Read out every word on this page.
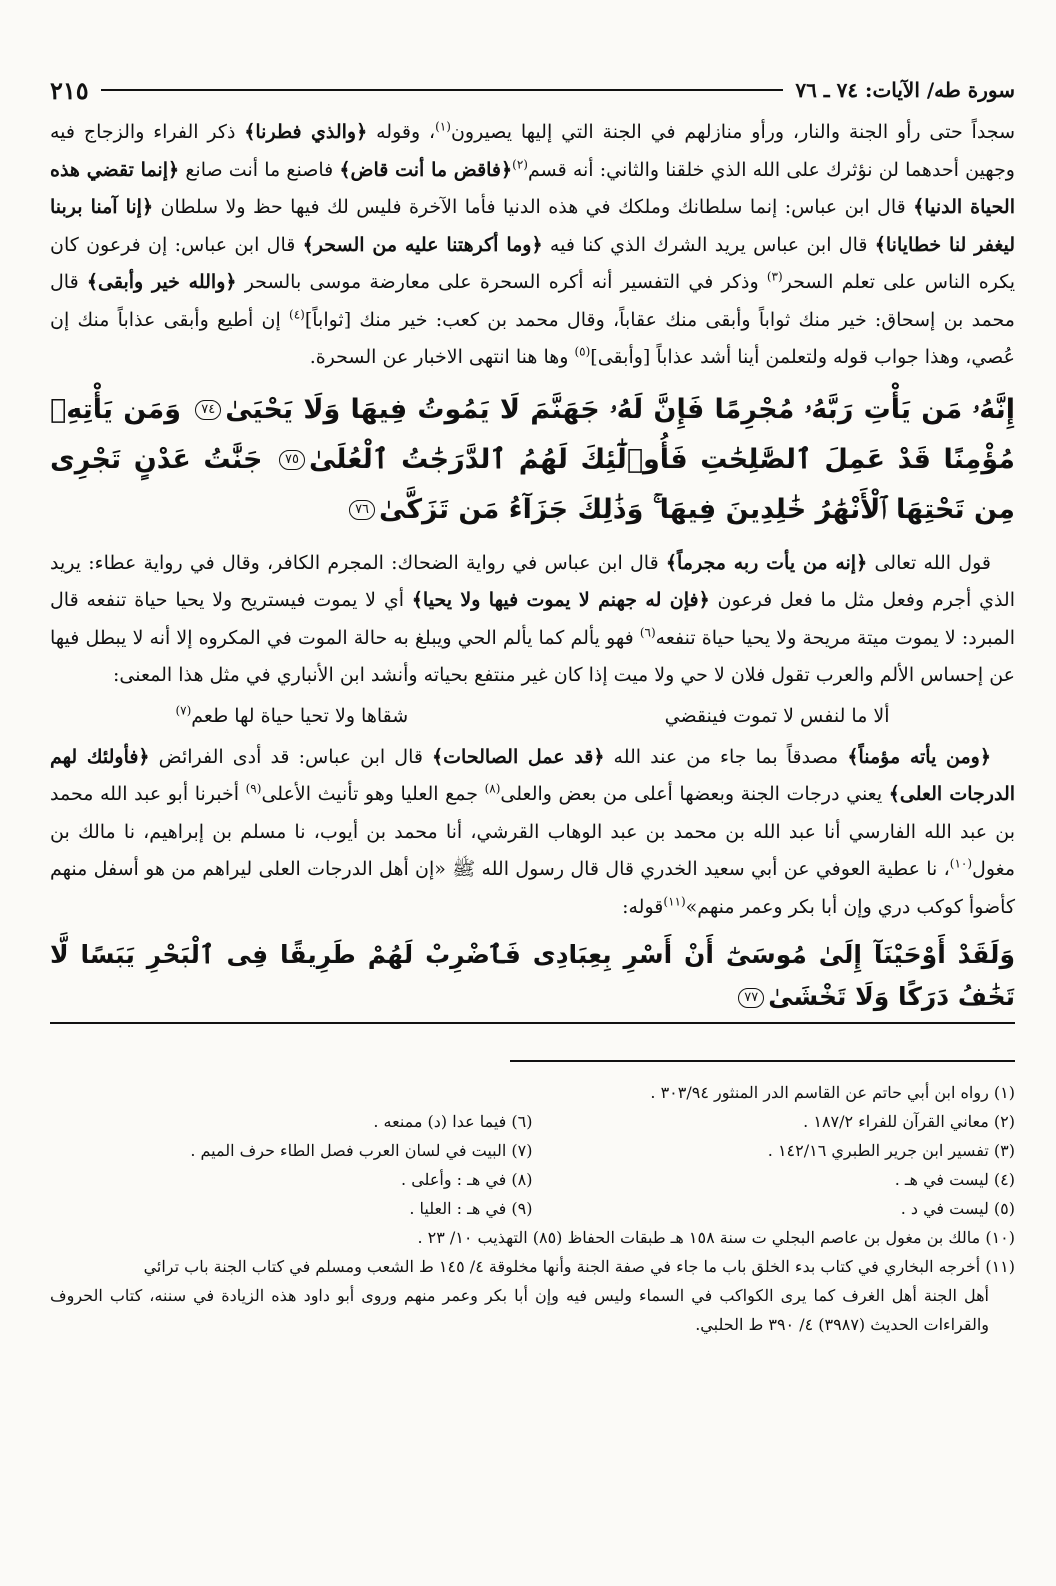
سورة طه/ الآيات: ٧٤ ـ ٧٦
٢١٥

سجداً حتى رأو الجنة والنار، ورأو منازلهم في الجنة التي إليها يصيرون$^{(١)}$، وقوله ﴿والذي فطرنا﴾ ذكر الفراء والزجاج فيه وجهين أحدهما لن نؤثرك على الله الذي خلقنا والثاني: أنه قسم$^{(٢)}$﴿فاقض ما أنت قاض﴾ فاصنع ما أنت صانع ﴿إنما تقضي هذه الحياة الدنيا﴾ قال ابن عباس: إنما سلطانك وملكك في هذه الدنيا فأما الآخرة فليس لك فيها حظ ولا سلطان ﴿إنا آمنا بربنا ليغفر لنا خطايانا﴾ قال ابن عباس يريد الشرك الذي كنا فيه ﴿وما أكرهتنا عليه من السحر﴾ قال ابن عباس: إن فرعون كان يكره الناس على تعلم السحر$^{(٣)}$ وذكر في التفسير أنه أكره السحرة على معارضة موسى بالسحر ﴿والله خير وأبقى﴾ قال محمد بن إسحاق: خير منك ثواباً وأبقى منك عقاباً، وقال محمد بن كعب: خير منك [ثواباً]$^{(٤)}$ إن أطيع وأبقى عذاباً منك إن عُصي، وهذا جواب قوله ولتعلمن أينا أشد عذاباً [وأبقى]$^{(٥)}$ وها هنا انتهى الاخبار عن السحرة.

إِنَّهُۥ مَن يَأْتِ رَبَّهُۥ مُجْرِمًا فَإِنَّ لَهُۥ جَهَنَّمَ لَا يَمُوتُ فِيهَا وَلَا يَحْيَىٰ٧٤ وَمَن يَأْتِهِۦ مُؤْمِنًا قَدْ عَمِلَ ٱلصَّٰلِحَٰتِ فَأُو۟لَٰٓئِكَ لَهُمُ ٱلدَّرَجَٰتُ ٱلْعُلَىٰ٧٥ جَنَّٰتُ عَدْنٍ تَجْرِى مِن تَحْتِهَا ٱلْأَنْهَٰرُ خَٰلِدِينَ فِيهَا ۚ وَذَٰلِكَ جَزَآءُ مَن تَزَكَّىٰ٧٦

قول الله تعالى ﴿إنه من يأت ربه مجرماً﴾ قال ابن عباس في رواية الضحاك: المجرم الكافر، وقال في رواية عطاء: يريد الذي أجرم وفعل مثل ما فعل فرعون ﴿فإن له جهنم لا يموت فيها ولا يحيا﴾ أي لا يموت فيستريح ولا يحيا حياة تنفعه قال المبرد: لا يموت ميتة مريحة ولا يحيا حياة تنفعه$^{(٦)}$ فهو يألم كما يألم الحي ويبلغ به حالة الموت في المكروه إلا أنه لا يبطل فيها عن إحساس الألم والعرب تقول فلان لا حي ولا ميت إذا كان غير منتفع بحياته وأنشد ابن الأنباري في مثل هذا المعنى:

ألا ما لنفس لا تموت فينقضي
شقاها ولا تحيا حياة لها طعم$^{(٧)}$

﴿ومن يأته مؤمناً﴾ مصدقاً بما جاء من عند الله ﴿قد عمل الصالحات﴾ قال ابن عباس: قد أدى الفرائض ﴿فأولئك لهم الدرجات العلى﴾ يعني درجات الجنة وبعضها أعلى من بعض والعلى$^{(٨)}$ جمع العليا وهو تأنيث الأعلى$^{(٩)}$ أخبرنا أبو عبد الله محمد بن عبد الله الفارسي أنا عبد الله بن محمد بن عبد الوهاب القرشي، أنا محمد بن أيوب، نا مسلم بن إبراهيم، نا مالك بن مغول$^{(١٠)}$، نا عطية العوفي عن أبي سعيد الخدري قال قال رسول الله ﷺ «إن أهل الدرجات العلى ليراهم من هو أسفل منهم كأضوأ كوكب دري وإن أبا بكر وعمر منهم»$^{(١١)}$قوله:

وَلَقَدْ أَوْحَيْنَآ إِلَىٰ مُوسَىٰٓ أَنْ أَسْرِ بِعِبَادِى فَٱضْرِبْ لَهُمْ طَرِيقًا فِى ٱلْبَحْرِ يَبَسًا لَّا تَخَٰفُ دَرَكًا وَلَا تَخْشَىٰ٧٧
(١) رواه ابن أبي حاتم عن القاسم الدر المنثور ٣٠٣/٩٤ .
(٢) معاني القرآن للفراء ١٨٧/٢ .
(٦) فيما عدا (د) ممنعه .
(٣) تفسير ابن جرير الطبري ١٤٢/١٦ .
(٧) البيت في لسان العرب فصل الطاء حرف الميم .
(٤) ليست في هـ .
(٨) في هـ : وأعلى .
(٥) ليست في د .
(٩) في هـ : العليا .
(١٠) مالك بن مغول بن عاصم البجلي ت سنة ١٥٨ هـ طبقات الحفاظ (٨٥) التهذيب ١٠/ ٢٣ .
(١١) أخرجه البخاري في كتاب بدء الخلق باب ما جاء في صفة الجنة وأنها مخلوقة ٤/ ١٤٥ ط الشعب ومسلم في كتاب الجنة باب ترائي
أهل الجنة أهل الغرف كما يرى الكواكب في السماء وليس فيه وإن أبا بكر وعمر منهم وروى أبو داود هذه الزيادة في سننه، كتاب الحروف والقراءات الحديث (٣٩٨٧) ٤/ ٣٩٠ ط الحلبي.
